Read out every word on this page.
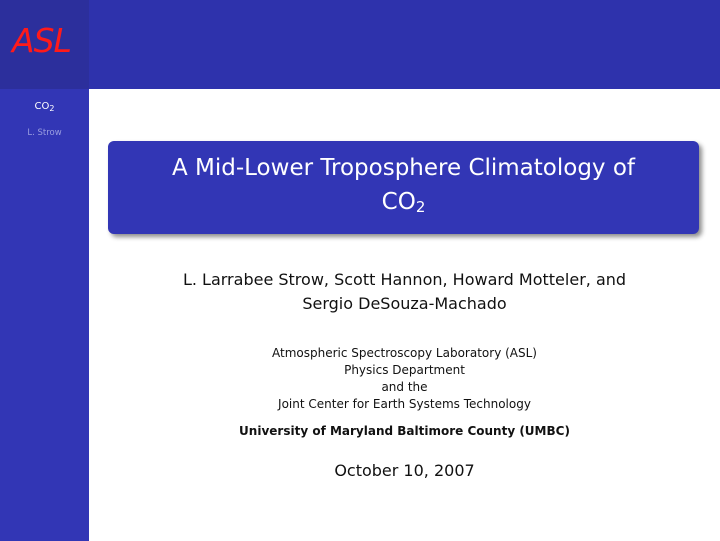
ASL
$CO_2$
L. Strow
A Mid-Lower Troposphere Climatology of
$CO_2$
L. Larrabee Strow, Scott Hannon, Howard Motteler, and
Sergio DeSouza-Machado
Atmospheric Spectroscopy Laboratory (ASL)
Physics Department
and the
Joint Center for Earth Systems Technology
University of Maryland Baltimore County (UMBC)
October 10, 2007
